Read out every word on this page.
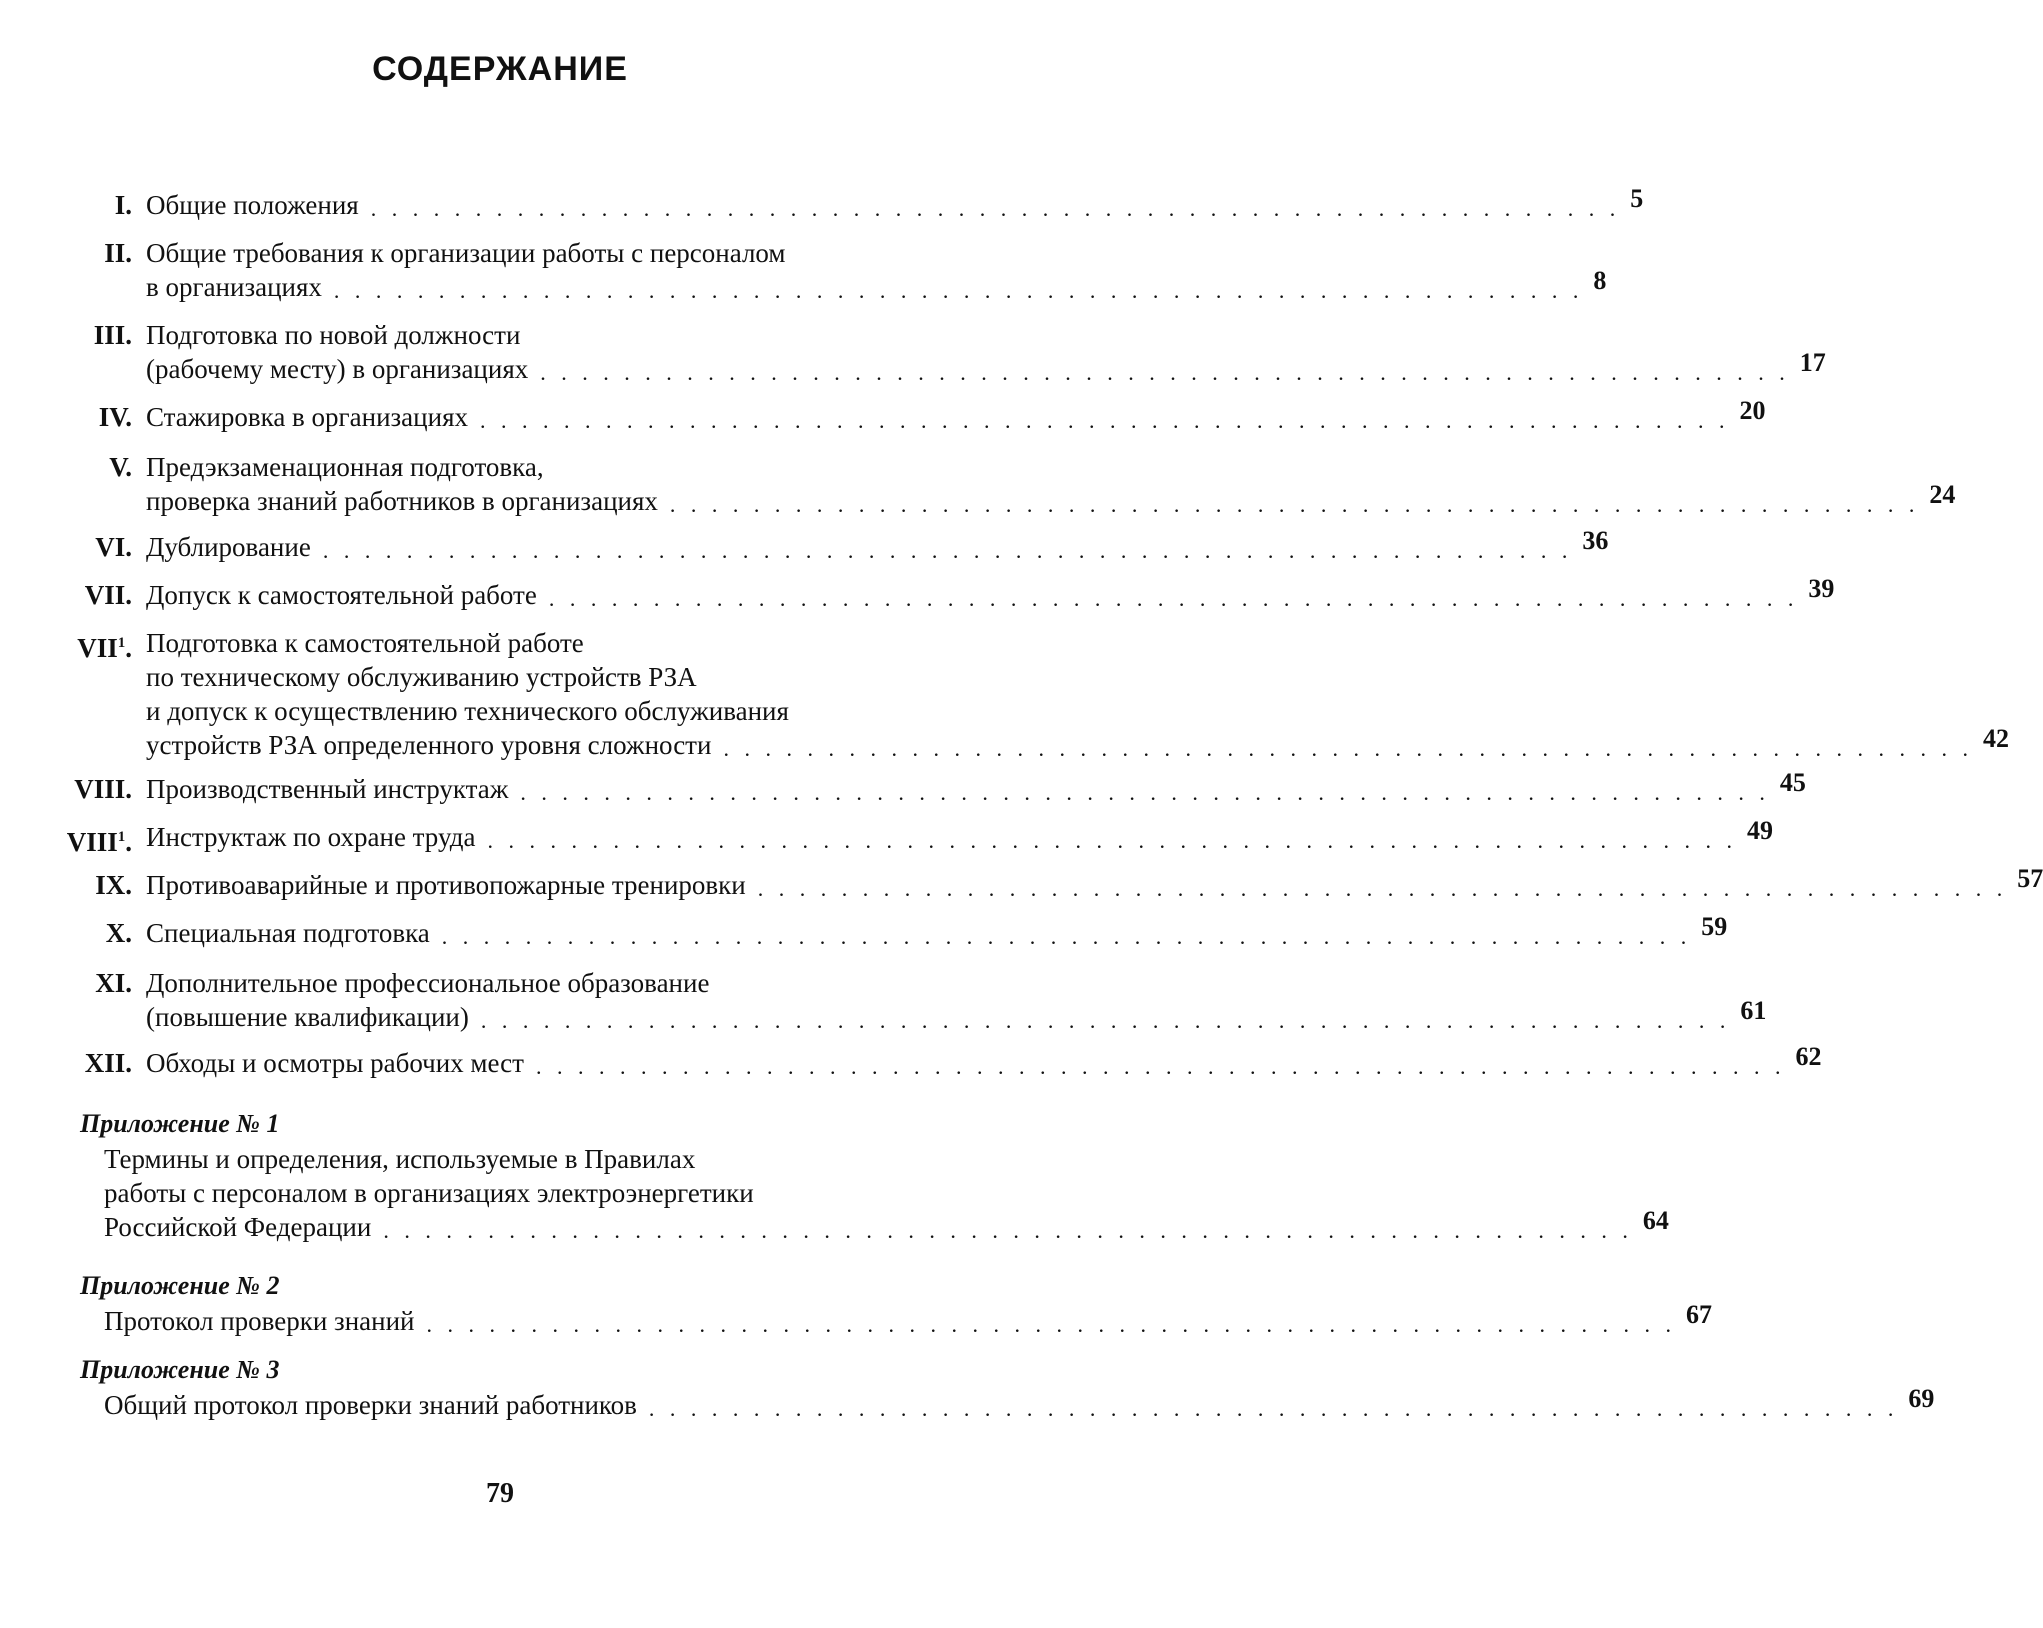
СОДЕРЖАНИЕ
I. Общие положения . . . . . . . . . . . . . . . . . . . . . . . . . . . . . . . . . . . . . . . . . . . . . . . . . . . . . . . . . . . . 5
II. Общие требования к организации работы с персоналом
в организациях . . . . . . . . . . . . . . . . . . . . . . . . . . . . . . . . . . . . . . . . . . . . . . . . . . . . . . . . . . . . 8
III. Подготовка по новой должности
(рабочему месту) в организациях . . . . . . . . . . . . . . . . . . . . . . . . . . . . . . . . . . . . . . . . . . . . . . . . . . . . . . . . . . . . 17
IV. Стажировка в организациях . . . . . . . . . . . . . . . . . . . . . . . . . . . . . . . . . . . . . . . . . . . . . . . . . . . . . . . . . . . . 20
V. Предэкзаменационная подготовка,
проверка знаний работников в организациях . . . . . . . . . . . . . . . . . . . . . . . . . . . . . . . . . . . . . . . . . . . . . . . . . . . . . . . . . . . . 24
VI. Дублирование . . . . . . . . . . . . . . . . . . . . . . . . . . . . . . . . . . . . . . . . . . . . . . . . . . . . . . . . . . . . 36
VII. Допуск к самостоятельной работе . . . . . . . . . . . . . . . . . . . . . . . . . . . . . . . . . . . . . . . . . . . . . . . . . . . . . . . . . . . . 39
VII$^1$. Подготовка к самостоятельной работе
по техническому обслуживанию устройств РЗА
и допуск к осуществлению технического обслуживания
устройств РЗА определенного уровня сложности . . . . . . . . . . . . . . . . . . . . . . . . . . . . . . . . . . . . . . . . . . . . . . . . . . . . . . . . . . . . 42
VIII. Производственный инструктаж . . . . . . . . . . . . . . . . . . . . . . . . . . . . . . . . . . . . . . . . . . . . . . . . . . . . . . . . . . . . 45
VIII$^1$. Инструктаж по охране труда . . . . . . . . . . . . . . . . . . . . . . . . . . . . . . . . . . . . . . . . . . . . . . . . . . . . . . . . . . . . 49
IX. Противоаварийные и противопожарные тренировки . . . . . . . . . . . . . . . . . . . . . . . . . . . . . . . . . . . . . . . . . . . . . . . . . . . . . . . . . . . . 57
X. Специальная подготовка . . . . . . . . . . . . . . . . . . . . . . . . . . . . . . . . . . . . . . . . . . . . . . . . . . . . . . . . . . . . 59
XI. Дополнительное профессиональное образование
(повышение квалификации) . . . . . . . . . . . . . . . . . . . . . . . . . . . . . . . . . . . . . . . . . . . . . . . . . . . . . . . . . . . . 61
XII. Обходы и осмотры рабочих мест . . . . . . . . . . . . . . . . . . . . . . . . . . . . . . . . . . . . . . . . . . . . . . . . . . . . . . . . . . . . 62
Приложение № 1
Термины и определения, используемые в Правилах
работы с персоналом в организациях электроэнергетики
Российской Федерации . . . . . . . . . . . . . . . . . . . . . . . . . . . . . . . . . . . . . . . . . . . . . . . . . . . . . . . . . . . . 64
Приложение № 2
Протокол проверки знаний . . . . . . . . . . . . . . . . . . . . . . . . . . . . . . . . . . . . . . . . . . . . . . . . . . . . . . . . . . . . 67
Приложение № 3
Общий протокол проверки знаний работников . . . . . . . . . . . . . . . . . . . . . . . . . . . . . . . . . . . . . . . . . . . . . . . . . . . . . . . . . . . . 69
79
